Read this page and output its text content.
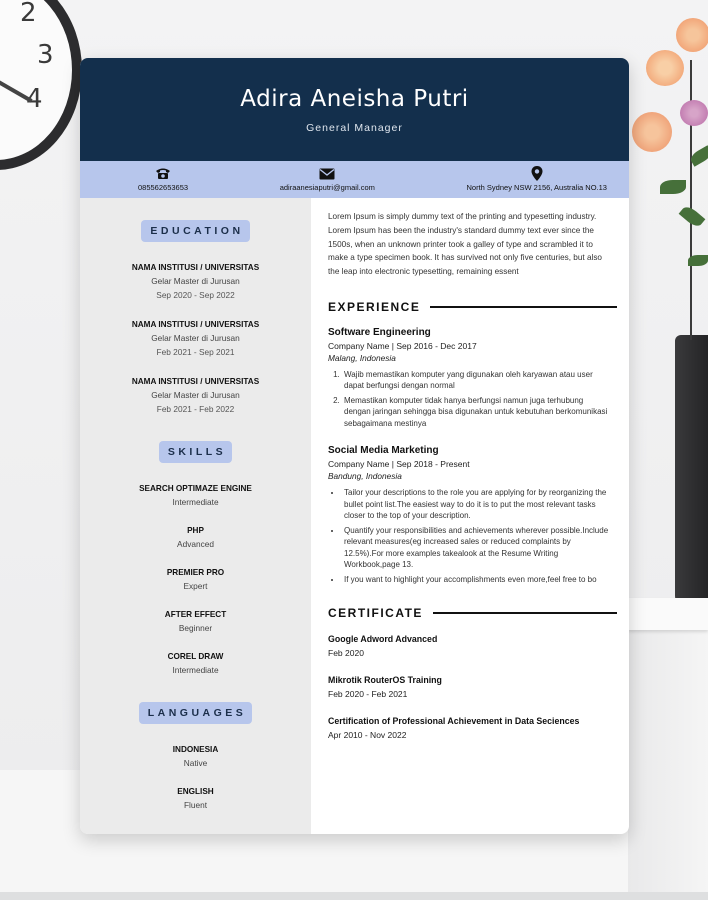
2
3
4	Adira Aneisha Putri
General Manager
085562653653	adiraanesiaputri@gmail.com	North Sydney NSW 2156, Australia NO.13
EDUCATION
NAMA INSTITUSI / UNIVERSITAS
Gelar Master di Jurusan
Sep 2020 - Sep 2022
NAMA INSTITUSI / UNIVERSITAS
Gelar Master di Jurusan
Feb 2021 - Sep 2021
NAMA INSTITUSI / UNIVERSITAS
Gelar Master di Jurusan
Feb 2021 - Feb 2022
SKILLS
SEARCH OPTIMAZE ENGINE
Intermediate
PHP
Advanced
PREMIER PRO
Expert
AFTER EFFECT
Beginner
COREL DRAW
Intermediate
LANGUAGES
INDONESIA
Native
ENGLISH
Fluent

Lorem Ipsum is simply dummy text of the printing and typesetting industry. Lorem Ipsum has been the industry's standard dummy text ever since the 1500s, when an unknown printer took a galley of type and scrambled it to make a type specimen book. It has survived not only five centuries, but also the leap into electronic typesetting, remaining essent

EXPERIENCE
Software Engineering
Company Name | Sep 2016 - Dec 2017
Malang, Indonesia
1. Wajib memastikan komputer yang digunakan oleh karyawan atau user dapat berfungsi dengan normal
2. Memastikan komputer tidak hanya berfungsi namun juga terhubung dengan jaringan sehingga bisa digunakan untuk kebutuhan berkomunikasi sebagaimana mestinya
Social Media Marketing
Company Name | Sep 2018 - Present
Bandung, Indonesia
• Tailor your descriptions to the role you are applying for by reorganizing the bullet point list.The easiest way to do it is to put the most relevant tasks closer to the top of your description.
• Quantify your responsibilities and achievements wherever possible.Include relevant measures(eg increased sales or reduced complaints by 12.5%).For more examples takealook at the Resume Writing Workbook,page 13.
• If you want to highlight your accomplishments even more,feel free to bo
CERTIFICATE
Google Adword Advanced
Feb 2020
Mikrotik RouterOS Training
Feb 2020 - Feb 2021
Certification of Professional Achievement in Data Seciences
Apr 2010 - Nov 2022
